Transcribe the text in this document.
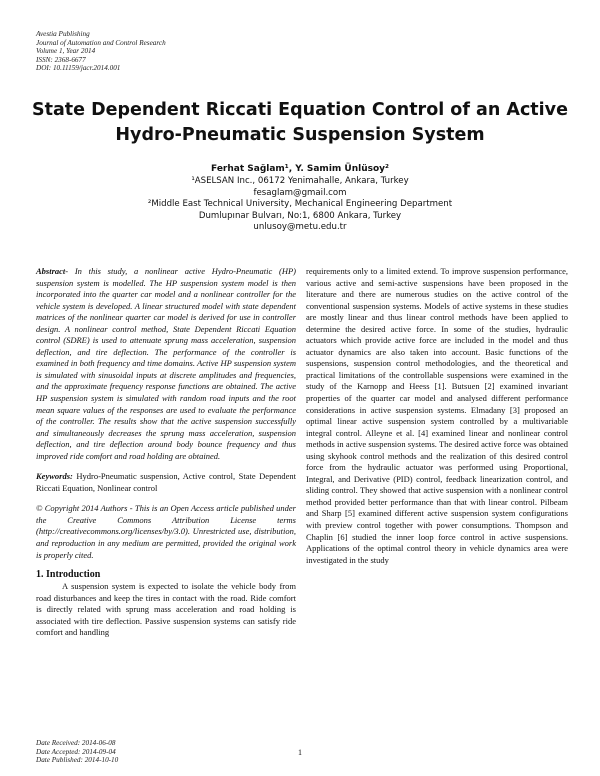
Avestia Publishing
Journal of Automation and Control Research
Volume 1, Year 2014
ISSN: 2368-6677
DOI: 10.11159/jacr.2014.001
State Dependent Riccati Equation Control of an Active
Hydro-Pneumatic Suspension System
Ferhat Sağlam¹, Y. Samim Ünlüsoy²
¹ASELSAN Inc., 06172 Yenimahalle, Ankara, Turkey
fesaglam@gmail.com
²Middle East Technical University, Mechanical Engineering Department
Dumlupınar Bulvarı, No:1, 6800 Ankara, Turkey
unlusoy@metu.edu.tr
Abstract- In this study, a nonlinear active Hydro-Pneumatic (HP) suspension system is modelled. The HP suspension system model is then incorporated into the quarter car model and a nonlinear controller for the vehicle system is developed. A linear structured model with state dependent matrices of the nonlinear quarter car model is derived for use in controller design. A nonlinear control method, State Dependent Riccati Equation control (SDRE) is used to attenuate sprung mass acceleration, suspension deflection, and tire deflection. The performance of the controller is examined in both frequency and time domains. Active HP suspension system is simulated with sinusoidal inputs at discrete amplitudes and frequencies, and the approximate frequency response functions are obtained. The active HP suspension system is simulated with random road inputs and the root mean square values of the responses are used to evaluate the performance of the controller. The results show that the active suspension successfully and simultaneously decreases the sprung mass acceleration, suspension deflection, and tire deflection around body bounce frequency and thus improved ride comfort and road holding are obtained.
Keywords: Hydro-Pneumatic suspension, Active control, State Dependent Riccati Equation, Nonlinear control
© Copyright 2014 Authors - This is an Open Access article published under the Creative Commons Attribution License terms (http://creativecommons.org/licenses/by/3.0). Unrestricted use, distribution, and reproduction in any medium are permitted, provided the original work is properly cited.
1. Introduction
A suspension system is expected to isolate the vehicle body from road disturbances and keep the tires in contact with the road. Ride comfort is directly related with sprung mass acceleration and road holding is associated with tire deflection. Passive suspension systems can satisfy ride comfort and handling
requirements only to a limited extend. To improve suspension performance, various active and semi-active suspensions have been proposed in the literature and there are numerous studies on the active control of the conventional suspension systems. Models of active systems in these studies are mostly linear and thus linear control methods have been applied to determine the desired active force. In some of the studies, hydraulic actuators which provide active force are included in the model and thus actuator dynamics are also taken into account. Basic functions of the suspensions, suspension control methodologies, and the theoretical and practical limitations of the controllable suspensions were examined in the study of the Karnopp and Heess [1]. Butsuen [2] examined invariant properties of the quarter car model and analysed different performance considerations in active suspension systems. Elmadany [3] proposed an optimal linear active suspension system controlled by a multivariable integral control. Alleyne et al. [4] examined linear and nonlinear control methods in active suspension systems. The desired active force was obtained using skyhook control methods and the realization of this desired control force from the hydraulic actuator was performed using Proportional, Integral, and Derivative (PID) control, feedback linearization control, and sliding control. They showed that active suspension with a nonlinear control method provided better performance than that with linear control. Pilbeam and Sharp [5] examined different active suspension system configurations with preview control together with power consumptions. Thompson and Chaplin [6] studied the inner loop force control in active suspensions. Applications of the optimal control theory in vehicle dynamics area were investigated in the study
Date Received: 2014-06-08
Date Accepted: 2014-09-04
Date Published: 2014-10-10
1
